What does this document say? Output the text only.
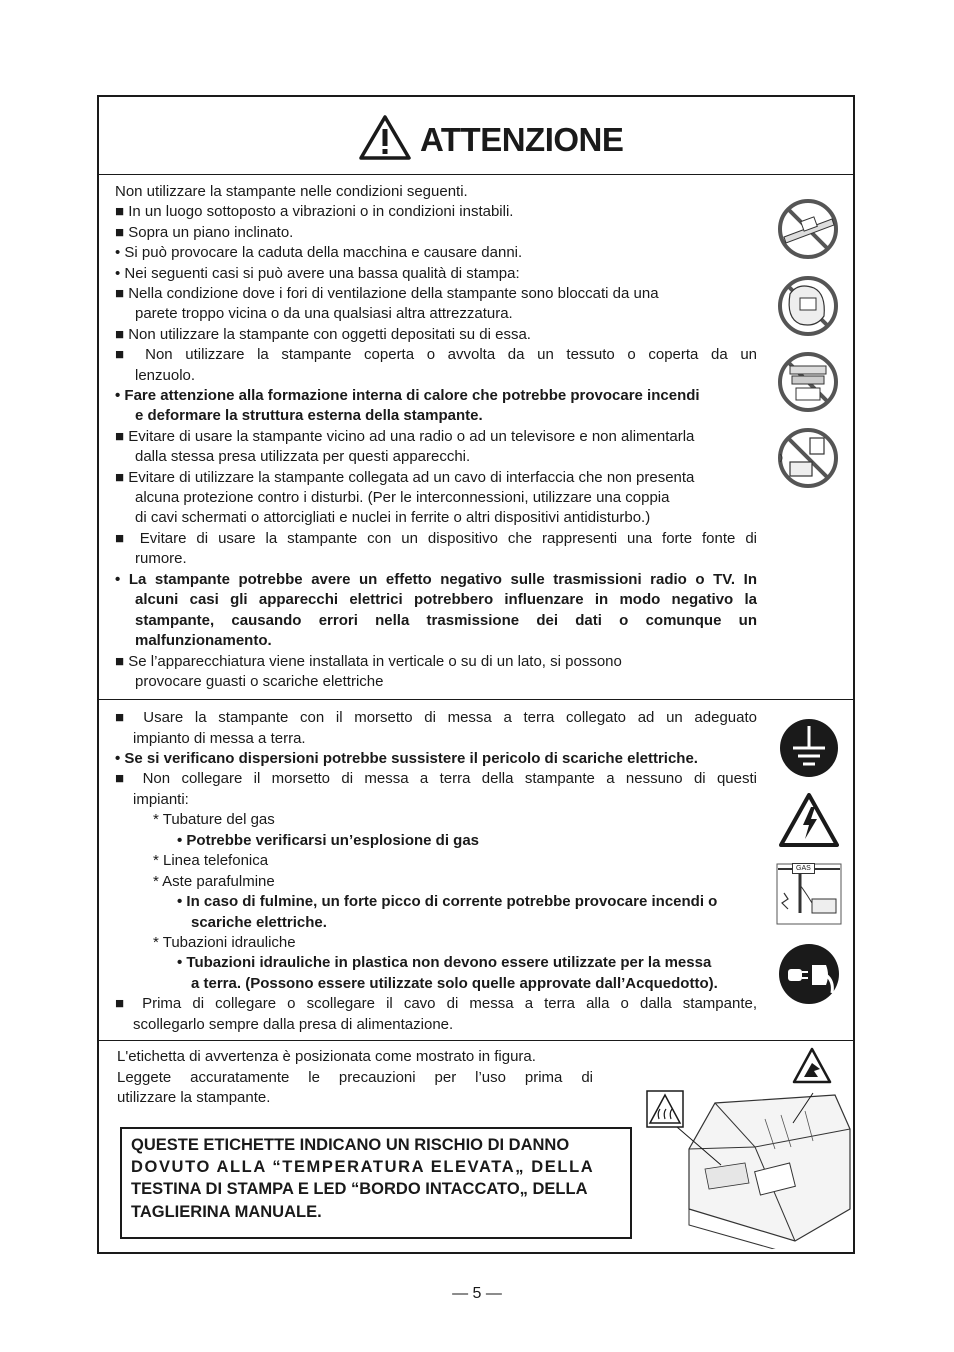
ATTENZIONE
Non utilizzare la stampante nelle condizioni seguenti.
■ In un luogo sottoposto a vibrazioni o in condizioni instabili.
■ Sopra un piano inclinato.
• Si può provocare la caduta della macchina e causare danni.
• Nei seguenti casi si può avere una bassa qualità di stampa:
■ Nella condizione dove i fori di ventilazione della stampante sono bloccati da una
parete troppo vicina o da una qualsiasi altra attrezzatura.
■ Non utilizzare la stampante con oggetti depositati su di essa.
■ Non utilizzare la stampante coperta o avvolta da un tessuto o coperta da un
lenzuolo.
• Fare attenzione alla formazione interna di calore che potrebbe provocare incendi
e deformare la struttura esterna della stampante.
■ Evitare di usare la stampante vicino ad una radio o ad un televisore e non alimentarla
dalla stessa presa utilizzata per questi apparecchi.
■ Evitare di utilizzare la stampante collegata ad un cavo di interfaccia che non presenta
alcuna protezione contro i disturbi. (Per le interconnessioni, utilizzare una coppia
di cavi schermati o attorcigliati e nuclei in ferrite o altri dispositivi antidisturbo.)
■ Evitare di usare la stampante con un dispositivo che rappresenti una forte fonte di
rumore.
• La stampante potrebbe avere un effetto negativo sulle trasmissioni radio o TV. In
alcuni casi gli apparecchi elettrici potrebbero influenzare in modo negativo la
stampante, causando errori nella trasmissione dei dati o comunque un
malfunzionamento.
■ Se l’apparecchiatura viene installata in verticale o su di un lato, si possono
provocare guasti o scariche elettriche
■ Usare la stampante con il morsetto di messa a terra collegato ad un adeguato
impianto di messa a terra.
• Se si verificano dispersioni potrebbe sussistere il pericolo di scariche elettriche.
■ Non collegare il morsetto di messa a terra della stampante a nessuno di questi
impianti:
* Tubature del gas
• Potrebbe verificarsi un’esplosione di gas
* Linea telefonica
* Aste parafulmine
• In caso di fulmine, un forte picco di corrente potrebbe provocare incendi o
scariche elettriche.
* Tubazioni idrauliche
• Tubazioni idrauliche in plastica non devono essere utilizzate per la messa
a terra. (Possono essere utilizzate solo quelle approvate dall’Acquedotto).
■ Prima di collegare o scollegare il cavo di messa a terra alla o dalla stampante,
scollegarlo sempre dalla presa di alimentazione.
GAS
L'etichetta di avvertenza è posizionata come mostrato in figura.
Leggete accuratamente le precauzioni per l’uso prima di
utilizzare la stampante.
QUESTE ETICHETTE INDICANO UN RISCHIO DI DANNO
DOVUTO ALLA “TEMPERATURA ELEVATA„ DELLA
TESTINA DI STAMPA E LED “BORDO INTACCATO„ DELLA
TAGLIERINA MANUALE.
— 5 —
